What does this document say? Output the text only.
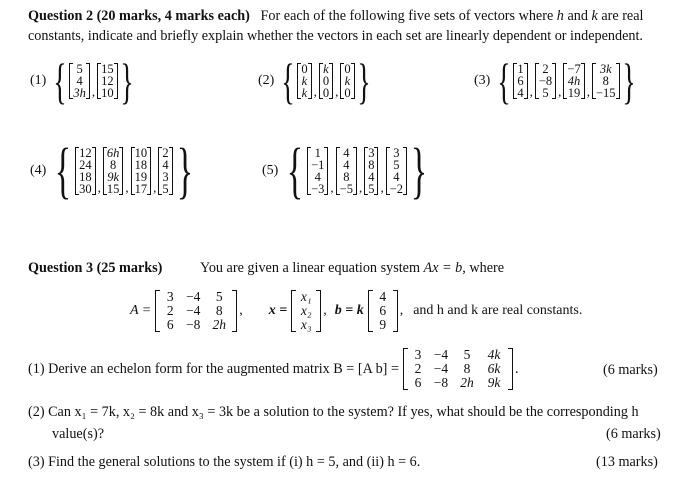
Question 2 (20 marks, 4 marks each) For each of the following five sets of vectors where h and k are real
constants, indicate and briefly explain whether the vectors in each set are linearly dependent or independent.
(1) { 5
4
3h ,
15
12
10 }	(2) { 0
k
k ,
k
0
0 ,
0
k
0 }	(3) { 1
6
4 ,
2
−8
5 ,
−7
4h
19 ,
3k
8
−15 }
(4) { 12
24
18
30 ,
6h
8
9k
15 ,
10
18
19
17 ,
2
4
3
5 }	(5) { 1
−1
4
−3 ,
4
4
8
−5 ,
3
8
4
5 ,
3
5
4
−2 }
Question 3 (25 marks)	You are given a linear equation system Ax = b, where
A =
3 −4	5
2 −4	8
6 −8 2h
, x =
x₁
x₂
x₃
, b = k
4
6
9
, and h and k are real constants.
(1) Derive an echelon form for the augmented matrix B = [A b] =
3 −4	5	4k
2 −4	8	6k
6 −8 2h	9k
.	(6 marks)
(2) Can x₁ = 7k, x₂ = 8k and x₃ = 3k be a solution to the system? If yes, what should be the corresponding h
value(s)?	(6 marks)
(3) Find the general solutions to the system if (i) h = 5, and (ii) h = 6.	(13 marks)
